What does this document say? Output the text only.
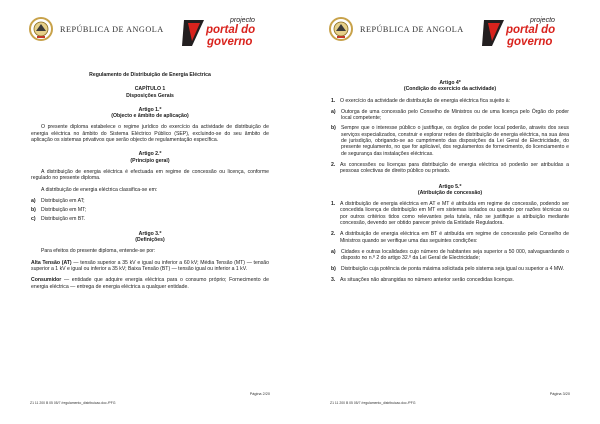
REPÚBLICA DE ANGOLA
projecto
portal do
governo

Regulamento de Distribuição de Energia Eléctrica

CAPÍTULO 1

Disposições Gerais

Artigo 1.º

(Objecto e âmbito de aplicação)

O presente diploma estabelece o regime jurídico do exercício da actividade de distribuição de energia eléctrica no âmbito do Sistema Eléctrico Público (SEP), excluindo-se do seu âmbito de aplicação os sistemas privativos que serão objecto de regulamentação específica.

Artigo 2.º

(Princípio geral)

A distribuição de energia eléctrica é efectuada em regime de concessão ou licença, conforme regulado no presente diploma.

A distribuição de energia eléctrica classifica-se em:

a) Distribuição em AT;
b) Distribuição em MT;
c) Distribuição em BT.

Artigo 3.º

(Definições)

Para efeitos do presente diploma, entende-se por:

Alta Tensão (AT) — tensão superior a 35 kV e igual ou inferior a 60 kV; Média Tensão (MT) — tensão superior a 1 kV e igual ou inferior a 35 kV; Baixa Tensão (BT) — tensão igual ou inferior a 1 kV.

Consumidor — entidade que adquire energia eléctrica para o consumo próprio; Fornecimento de energia eléctrica — entrega de energia eléctrica a qualquer entidade.

Página 2/20
Z1 11 200 B 05 05/7 /regulamento_distribuicao.doc /PFG
REPÚBLICA DE ANGOLA
projecto
portal do
governo

Artigo 4º

(Condição do exercício da actividade)

1. O exercício da actividade de distribuição de energia eléctrica fica sujeito à:
a) Outorga de uma concessão pelo Conselho de Ministros ou de uma licença pelo Órgão do poder local competente;
b) Sempre que o interesse público o justifique, os órgãos de poder local poderão, através dos seus serviços especializados, construir e explorar redes de distribuição de energia eléctrica, na sua área de jurisdição, obrigando-se ao cumprimento das disposições da Lei Geral de Electricidade, do presente regulamento, no que for aplicável, dos regulamentos de fornecimento, do licenciamento e de segurança das instalações eléctricas.
2. As concessões ou licenças para distribuição de energia eléctrica só poderão ser atribuídas a pessoas colectivas de direito público ou privado.

Artigo 5.º

(Atribuição de concessão)

1. A distribuição de energia eléctrica em AT e MT é atribuída em regime de concessão, podendo ser concedida licença de distribuição em MT em sistemas isolados ou quando por razões técnicas ou por outros critérios tidos como relevantes pela tutela, não se justifique a atribuição mediante concessão, devendo ser obtido parecer prévio da Entidade Reguladora.
2. A distribuição de energia eléctrica em BT é atribuída em regime de concessão pelo Conselho de Ministros quando se verifique uma das seguintes condições:
a) Cidades e outras localidades cujo número de habitantes seja superior a 50 000, salvaguardando o disposto no n.º 2 do artigo 32.º da Lei Geral de Electricidade;
b) Distribuição cuja potência de ponta máxima solicitada pelo sistema seja igual ou superior a 4 MW.
3. As situações não abrangidas no número anterior serão concedidas licenças.
Página 3/20
Z1 11 200 B 05 05/7 /regulamento_distribuicao.doc /PFG
